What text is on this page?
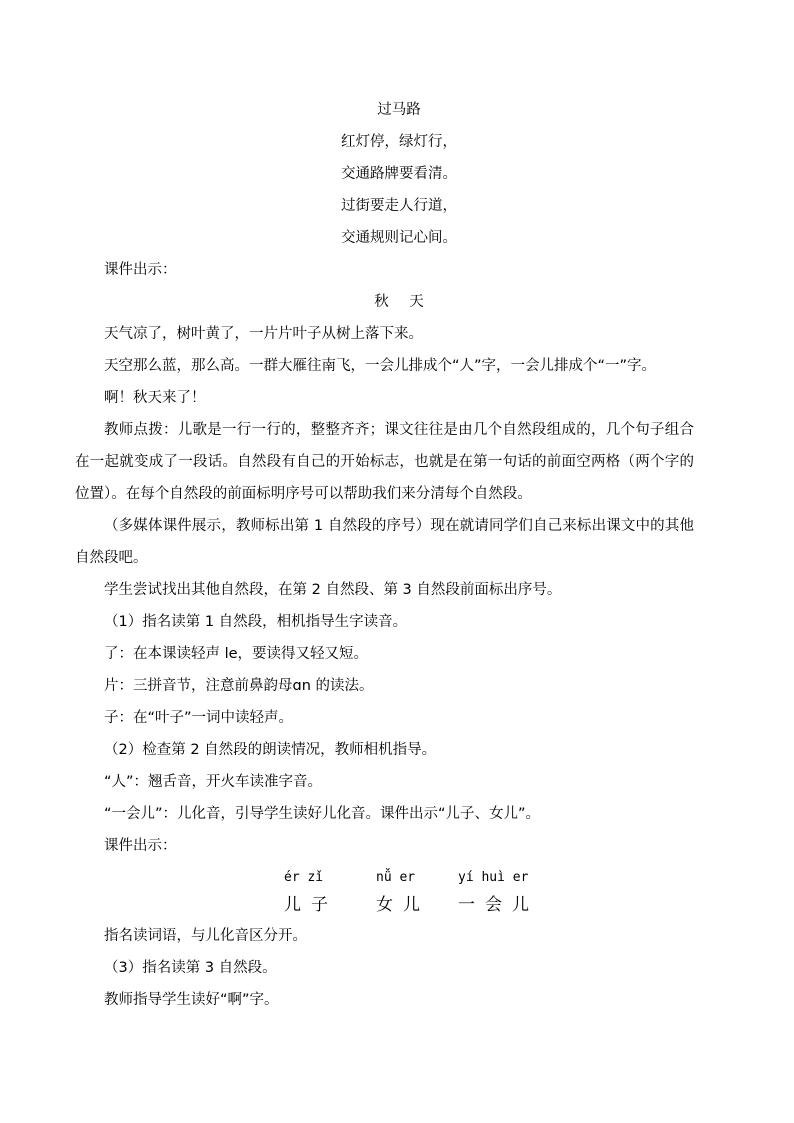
过马路
红灯停，绿灯行，
交通路牌要看清。
过街要走人行道，
交通规则记心间。
课件出示：
秋 天
天气凉了，树叶黄了，一片片叶子从树上落下来。
天空那么蓝，那么高。一群大雁往南飞，一会儿排成个“人”字，一会儿排成个“一”字。
啊！秋天来了！
教师点拨：儿歌是一行一行的，整整齐齐；课文往往是由几个自然段组成的，几个句子组合在一起就变成了一段话。自然段有自己的开始标志，也就是在第一句话的前面空两格（两个字的位置）。在每个自然段的前面标明序号可以帮助我们来分清每个自然段。
（多媒体课件展示，教师标出第 1 自然段的序号）现在就请同学们自己来标出课文中的其他自然段吧。
学生尝试找出其他自然段，在第 2 自然段、第 3 自然段前面标出序号。
（1）指名读第 1 自然段，相机指导生字读音。
了：在本课读轻声 le，要读得又轻又短。
片：三拼音节，注意前鼻韵母ɑn 的读法。
子：在“叶子”一词中读轻声。
（2）检查第 2 自然段的朗读情况，教师相机指导。
“人”：翘舌音，开火车读准字音。
“一会儿”：儿化音，引导学生读好儿化音。课件出示“儿子、女儿”。
课件出示：
ér zǐ	nǚ er	yí huì er
儿子	女儿	一会儿
指名读词语，与儿化音区分开。
（3）指名读第 3 自然段。
教师指导学生读好“啊”字。
